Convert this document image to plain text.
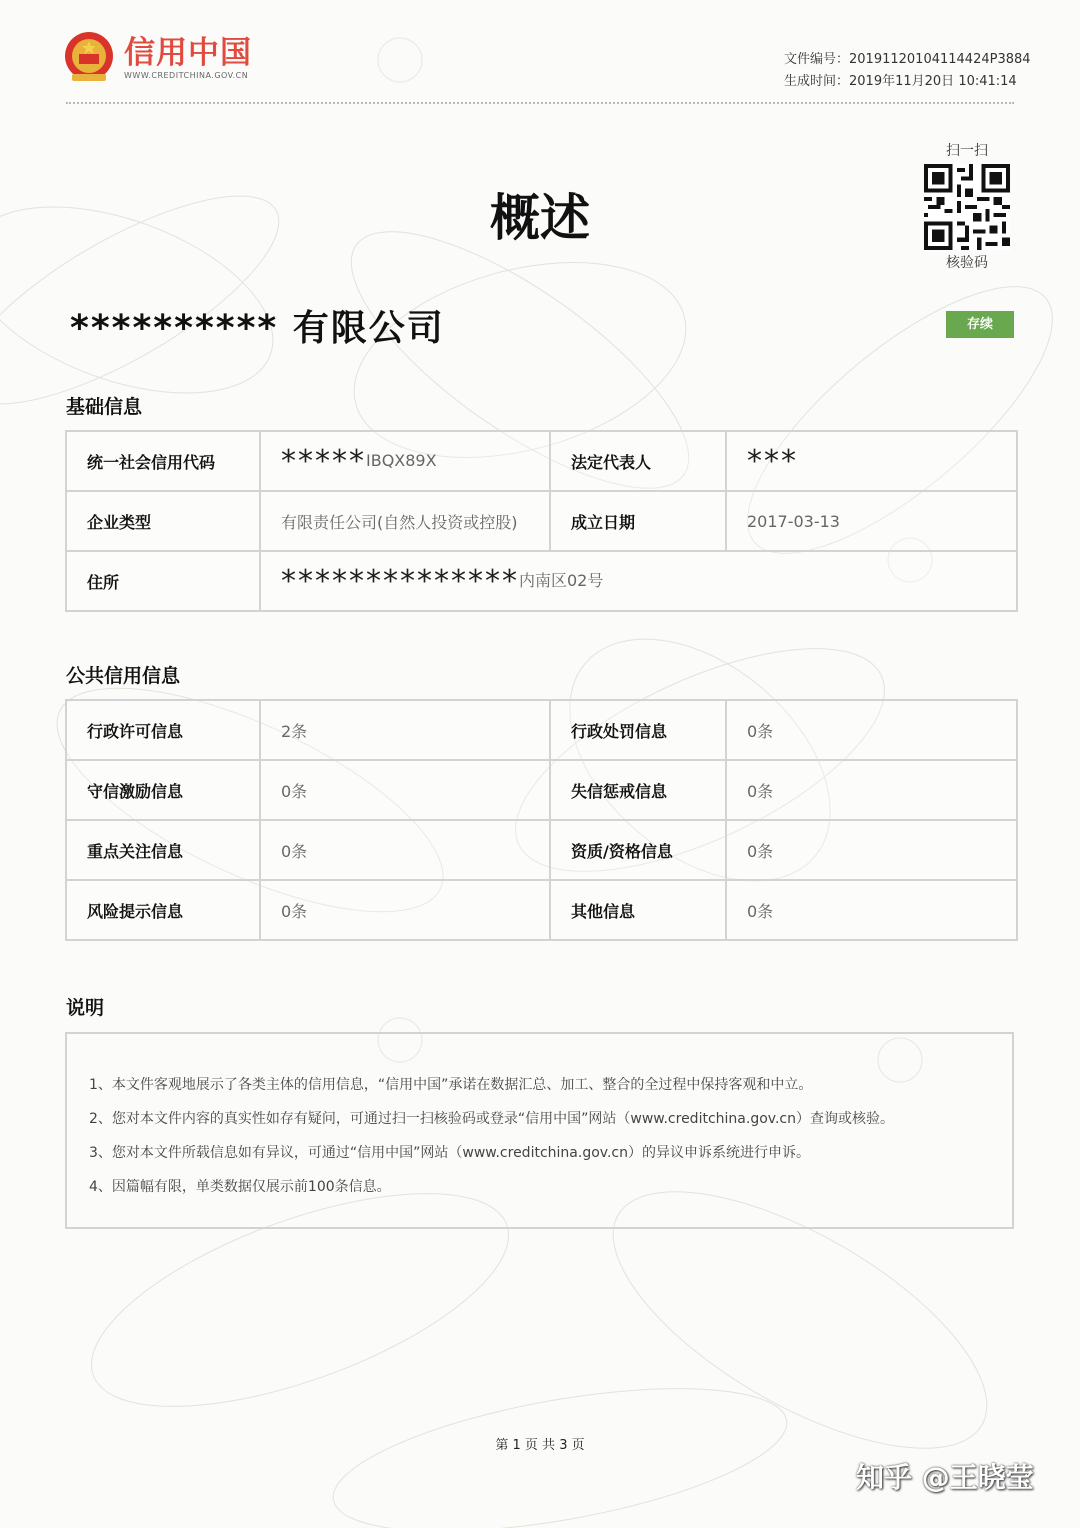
信用中国
WWW.CREDITCHINA.GOV.CN
文件编号：20191120104114424P3884
生成时间：2019年11月20日 10:41:14
扫一扫
核验码
概述
********** 有限公司	存续
基础信息
统一社会信用代码	*****ⅠBQX89X	法定代表人	***
企业类型	有限责任公司(自然人投资或控股)	成立日期	2017-03-13
住所	**************内南区02号		
公共信用信息
行政许可信息	2条	行政处罚信息	0条
守信激励信息	0条	失信惩戒信息	0条
重点关注信息	0条	资质/资格信息	0条
风险提示信息	0条	其他信息	0条
说明
1、本文件客观地展示了各类主体的信用信息，“信用中国”承诺在数据汇总、加工、整合的全过程中保持客观和中立。
2、您对本文件内容的真实性如存有疑问，可通过扫一扫核验码或登录“信用中国”网站（www.creditchina.gov.cn）查询或核验。
3、您对本文件所载信息如有异议，可通过“信用中国”网站（www.creditchina.gov.cn）的异议申诉系统进行申诉。
4、因篇幅有限，单类数据仅展示前100条信息。
第 1 页 共 3 页
知乎 @王晓莹
